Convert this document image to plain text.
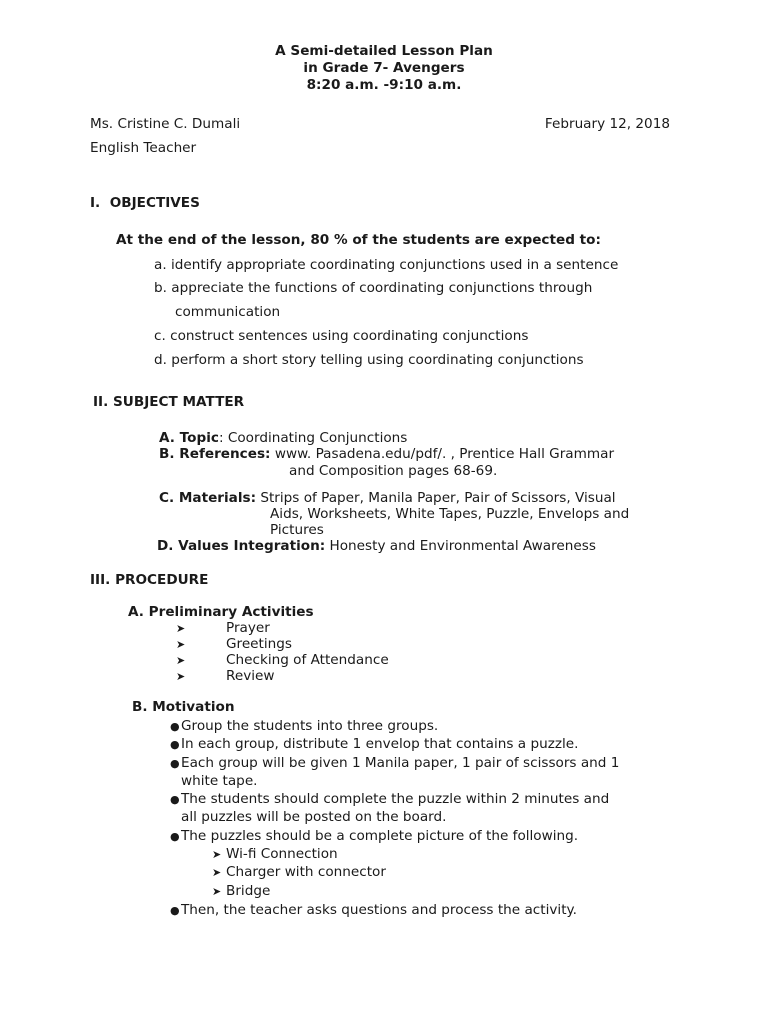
A Semi-detailed Lesson Plan
in Grade 7- Avengers
8:20 a.m. -9:10 a.m.
Ms. Cristine C. Dumali	February 12, 2018
English Teacher
I. OBJECTIVES
At the end of the lesson, 80 % of the students are expected to:
a. identify appropriate coordinating conjunctions used in a sentence
b. appreciate the functions of coordinating conjunctions through
communication
c. construct sentences using coordinating conjunctions
d. perform a short story telling using coordinating conjunctions
II. SUBJECT MATTER
A. Topic: Coordinating Conjunctions
B. References: www. Pasadena.edu/pdf/. , Prentice Hall Grammar
and Composition pages 68-69.
C. Materials: Strips of Paper, Manila Paper, Pair of Scissors, Visual
Aids, Worksheets, White Tapes, Puzzle, Envelops and
Pictures
D. Values Integration: Honesty and Environmental Awareness
III. PROCEDURE
A. Preliminary Activities
➤	Prayer
➤	Greetings
➤	Checking of Attendance
➤	Review
B. Motivation
● Group the students into three groups.
● In each group, distribute 1 envelop that contains a puzzle.
● Each group will be given 1 Manila paper, 1 pair of scissors and 1
white tape.
● The students should complete the puzzle within 2 minutes and
all puzzles will be posted on the board.
● The puzzles should be a complete picture of the following.
➤ Wi-fi Connection
➤ Charger with connector
➤ Bridge
● Then, the teacher asks questions and process the activity.
